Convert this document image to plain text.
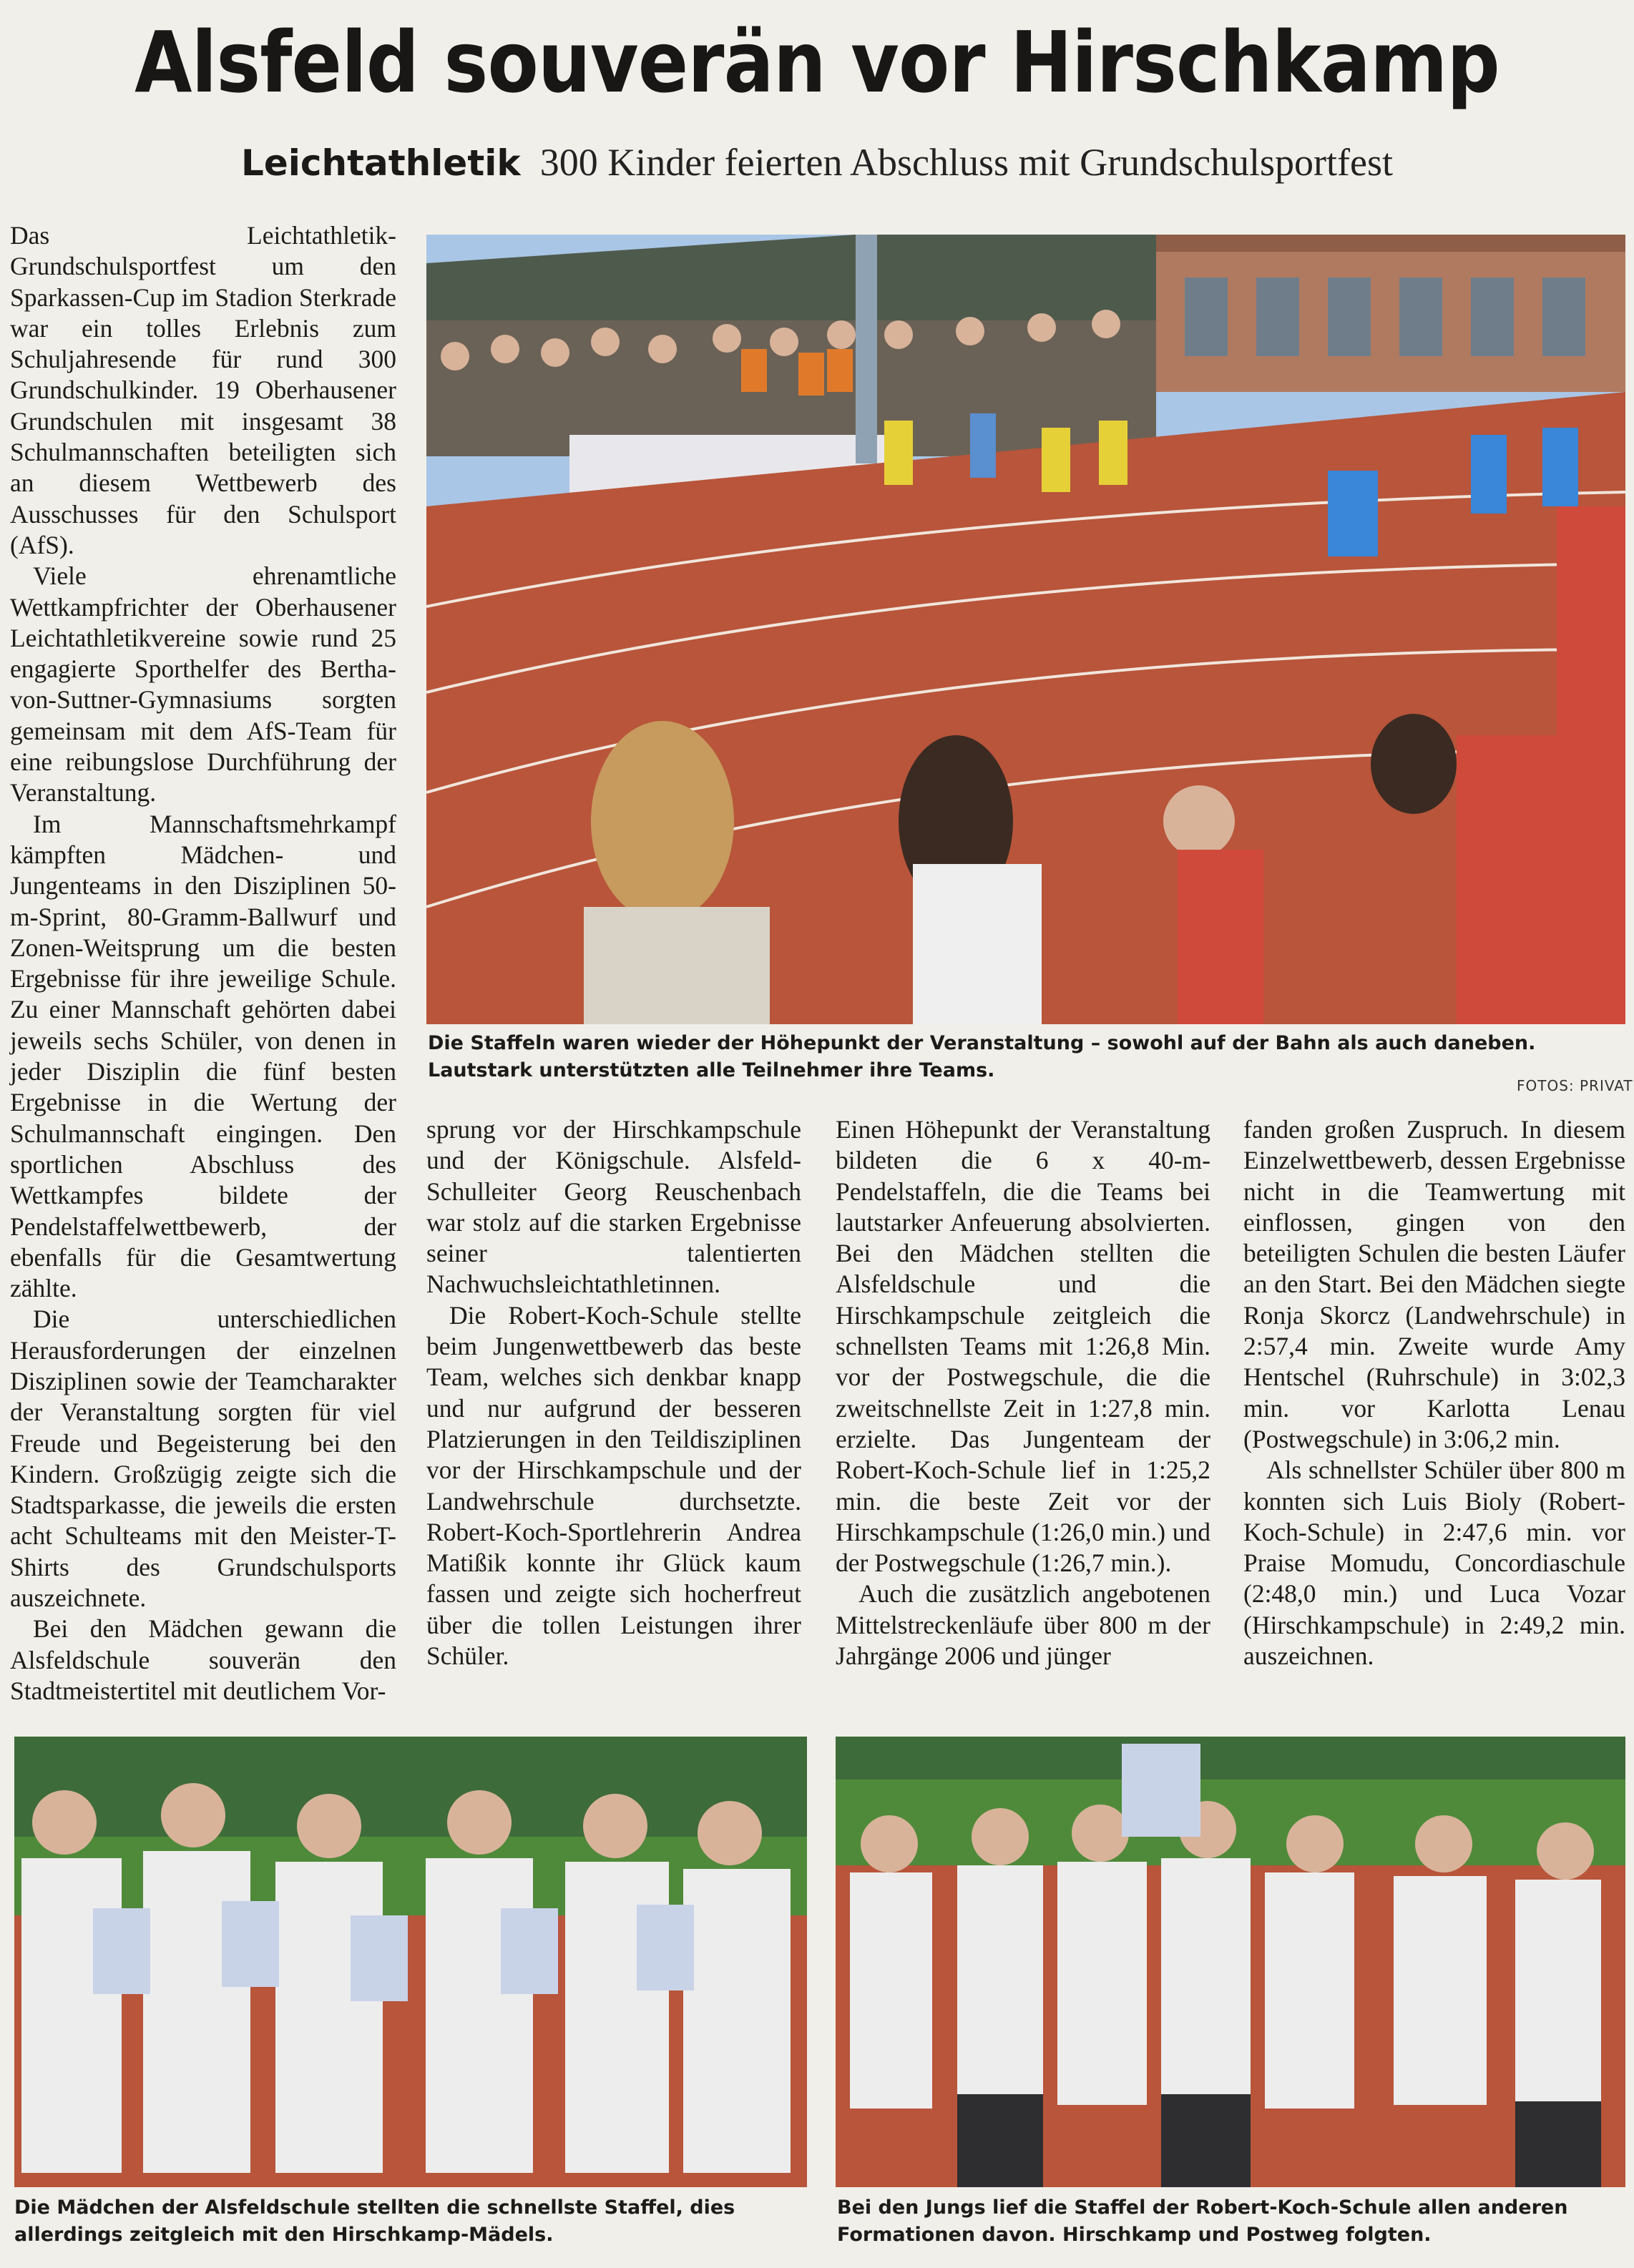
Alsfeld souverän vor Hirschkamp
Leichtathletik 300 Kinder feierten Abschluss mit Grundschulsportfest

Das Leichtathletik-Grundschulsportfest um den Sparkassen-Cup im Stadion Sterkrade war ein tolles Erlebnis zum Schuljahresende für rund 300 Grundschulkinder. 19 Oberhausener Grundschulen mit insgesamt 38 Schulmannschaften beteiligten sich an diesem Wettbewerb des Ausschusses für den Schulsport (AfS).

Viele ehrenamtliche Wettkampfrichter der Oberhausener Leichtathletikvereine sowie rund 25 engagierte Sporthelfer des Bertha-von-Suttner-Gymnasiums sorgten gemeinsam mit dem AfS-Team für eine reibungslose Durchführung der Veranstaltung.

Im Mannschaftsmehrkampf kämpften Mädchen- und Jungenteams in den Disziplinen 50-m-Sprint, 80-Gramm-Ballwurf und Zonen-Weitsprung um die besten Ergebnisse für ihre jeweilige Schule. Zu einer Mannschaft gehörten dabei jeweils sechs Schüler, von denen in jeder Disziplin die fünf besten Ergebnisse in die Wertung der Schulmannschaft eingingen. Den sportlichen Abschluss des Wettkampfes bildete der Pendelstaffelwettbewerb, der ebenfalls für die Gesamtwertung zählte.

Die unterschiedlichen Herausforderungen der einzelnen Disziplinen sowie der Teamcharakter der Veranstaltung sorgten für viel Freude und Begeisterung bei den Kindern. Großzügig zeigte sich die Stadtsparkasse, die jeweils die ersten acht Schulteams mit den Meister-T-Shirts des Grundschulsports auszeichnete.

Bei den Mädchen gewann die Alsfeldschule souverän den Stadtmeistertitel mit deutlichem Vor-

Die Staffeln waren wieder der Höhepunkt der Veranstaltung – sowohl auf der Bahn als auch daneben. Lautstark unterstützten alle Teilnehmer ihre Teams.
FOTOS: PRIVAT

sprung vor der Hirschkampschule und der Königschule. Alsfeld-Schulleiter Georg Reuschenbach war stolz auf die starken Ergebnisse seiner talentierten Nachwuchsleichtathletinnen.

Die Robert-Koch-Schule stellte beim Jungenwettbewerb das beste Team, welches sich denkbar knapp und nur aufgrund der besseren Platzierungen in den Teildisziplinen vor der Hirschkampschule und der Landwehrschule durchsetzte. Robert-Koch-Sportlehrerin Andrea Matißik konnte ihr Glück kaum fassen und zeigte sich hocherfreut über die tollen Leistungen ihrer Schüler.

Einen Höhepunkt der Veranstaltung bildeten die 6 x 40-m-Pendelstaffeln, die die Teams bei lautstarker Anfeuerung absolvierten. Bei den Mädchen stellten die Alsfeldschule und die Hirschkampschule zeitgleich die schnellsten Teams mit 1:26,8 Min. vor der Postwegschule, die die zweitschnellste Zeit in 1:27,8 min. erzielte. Das Jungenteam der Robert-Koch-Schule lief in 1:25,2 min. die beste Zeit vor der Hirschkampschule (1:26,0 min.) und der Postwegschule (1:26,7 min.).

Auch die zusätzlich angebotenen Mittelstreckenläufe über 800 m der Jahrgänge 2006 und jünger

fanden großen Zuspruch. In diesem Einzelwettbewerb, dessen Ergebnisse nicht in die Teamwertung mit einflossen, gingen von den beteiligten Schulen die besten Läufer an den Start. Bei den Mädchen siegte Ronja Skorcz (Landwehrschule) in 2:57,4 min. Zweite wurde Amy Hentschel (Ruhrschule) in 3:02,3 min. vor Karlotta Lenau (Postwegschule) in 3:06,2 min.

Als schnellster Schüler über 800 m konnten sich Luis Bioly (Robert-Koch-Schule) in 2:47,6 min. vor Praise Momudu, Concordiaschule (2:48,0 min.) und Luca Vozar (Hirschkampschule) in 2:49,2 min. auszeichnen.

Die Mädchen der Alsfeldschule stellten die schnellste Staffel, dies allerdings zeitgleich mit den Hirschkamp-Mädels.
Bei den Jungs lief die Staffel der Robert-Koch-Schule allen anderen Formationen davon. Hirschkamp und Postweg folgten.
